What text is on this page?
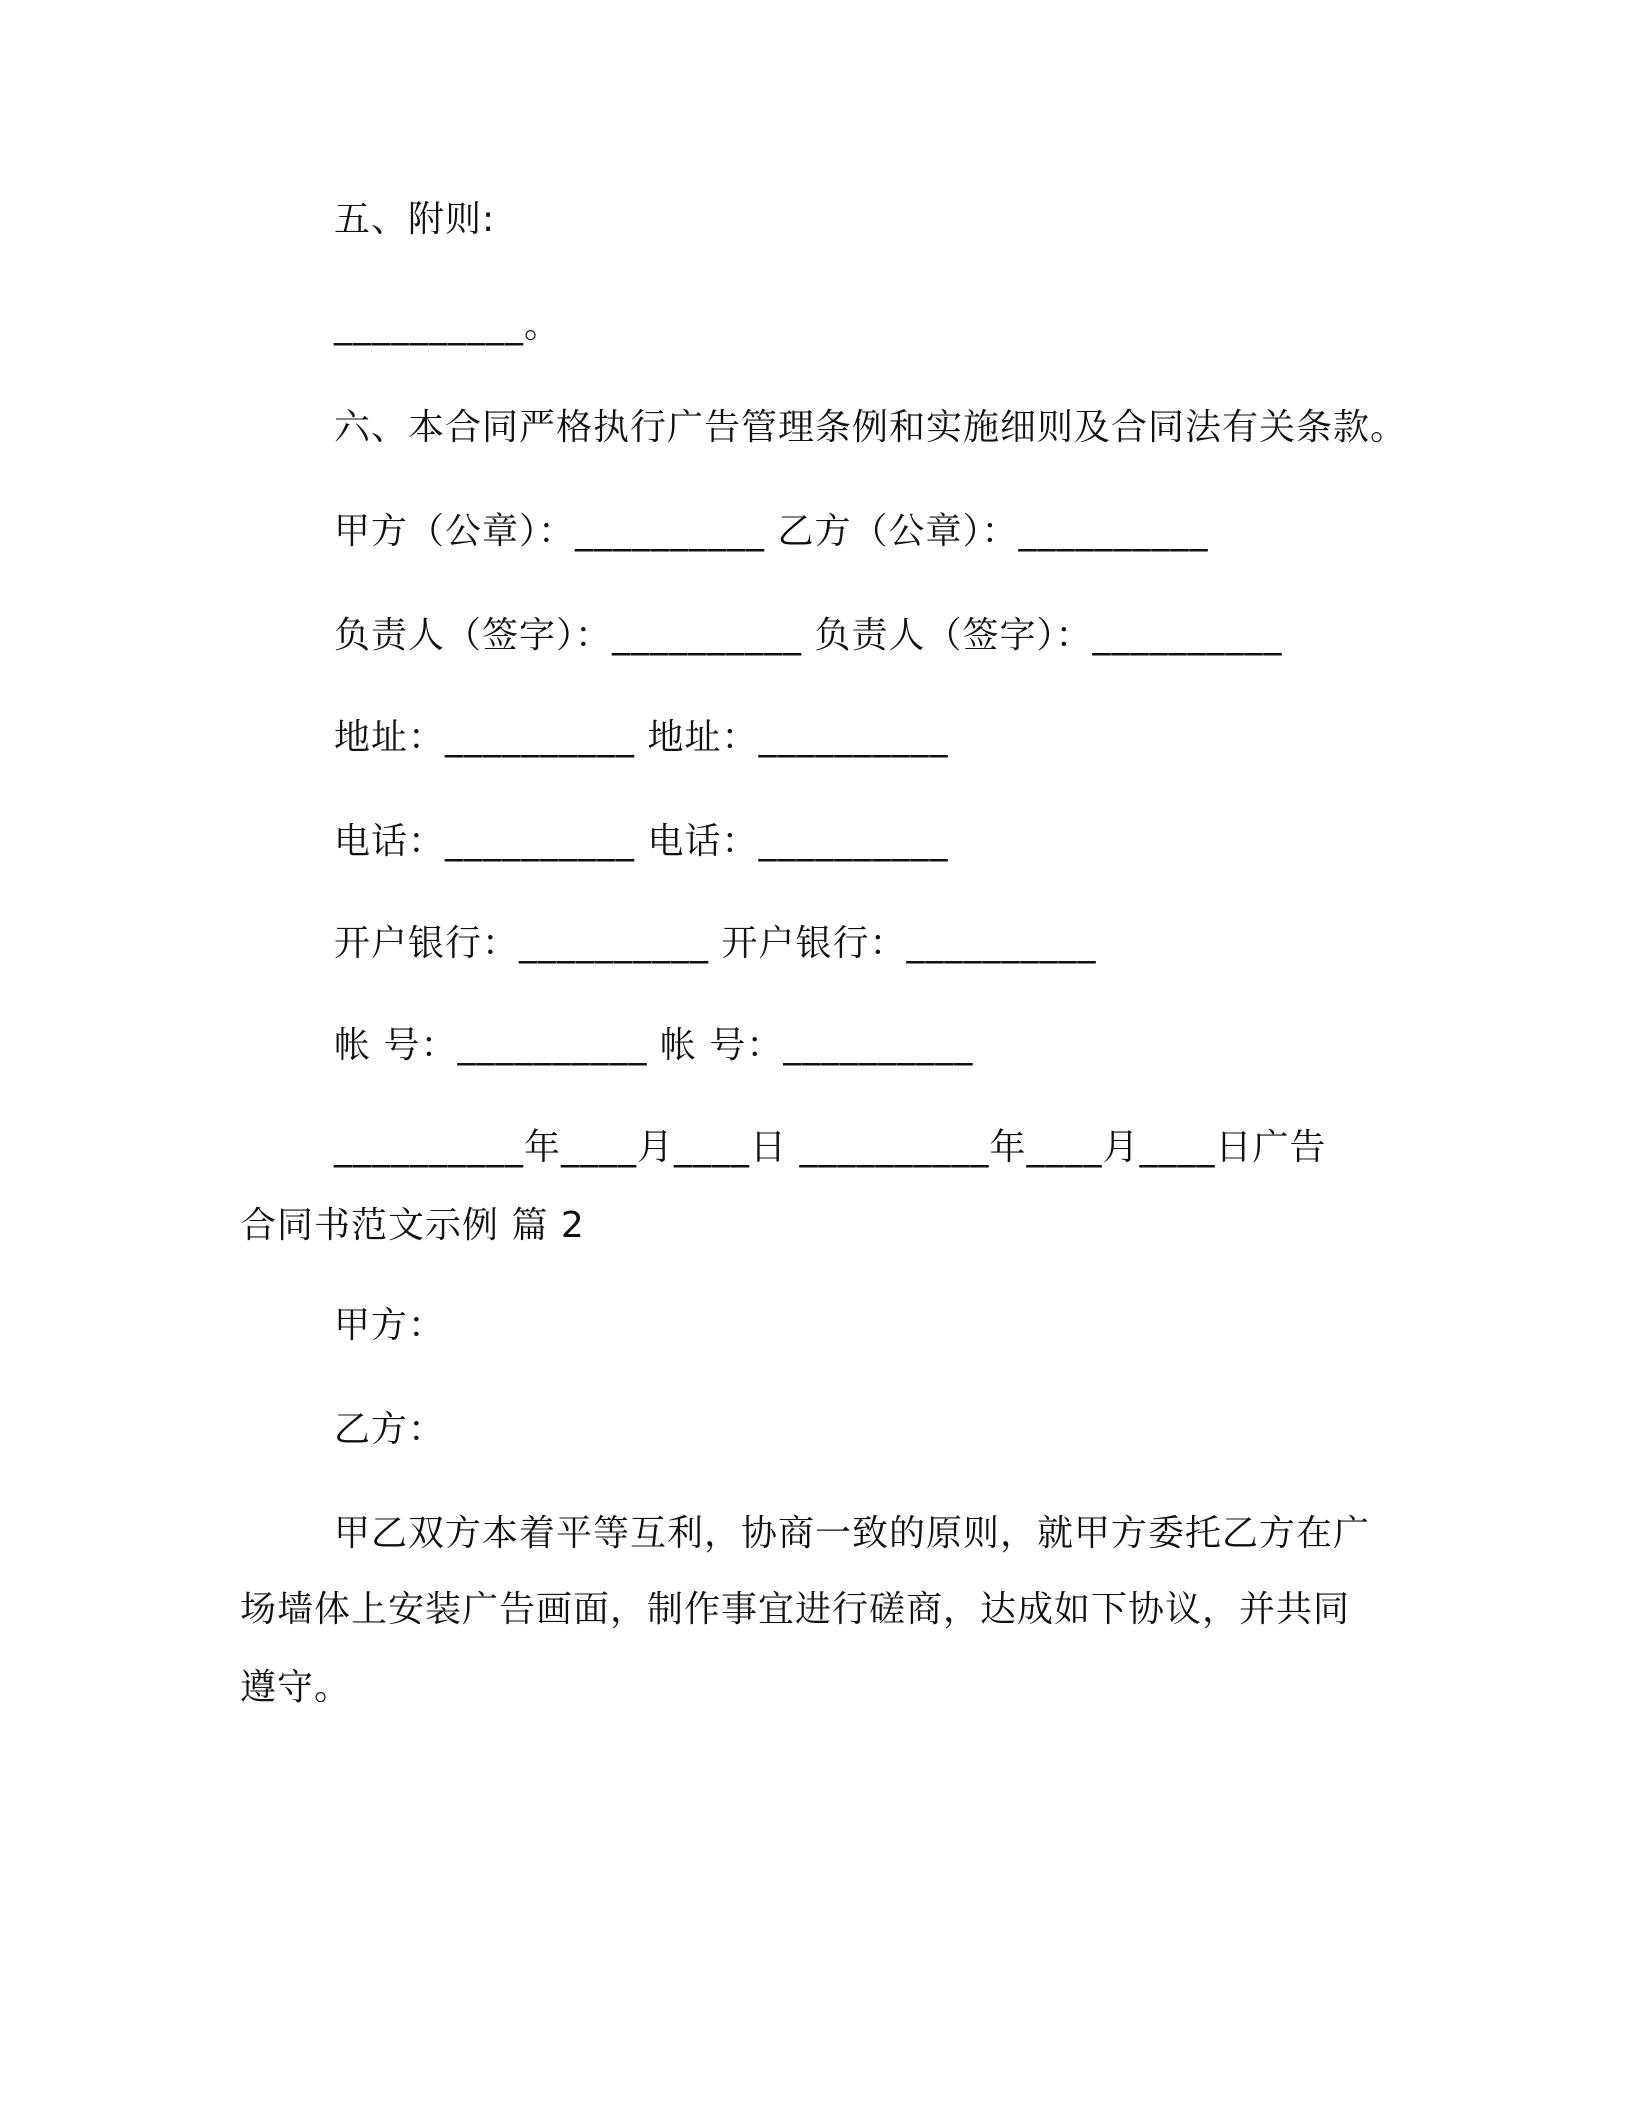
五、附则:
__________。
六、本合同严格执行广告管理条例和实施细则及合同法有关条款。
甲方（公章）：__________ 乙方（公章）：__________
负责人（签字）：__________ 负责人（签字）：__________
地址：__________ 地址：__________
电话：__________ 电话：__________
开户银行：__________ 开户银行：__________
帐 号：__________ 帐 号：__________
__________年____月____日 __________年____月____日广告
合同书范文示例 篇 2
甲方：
乙方：
甲乙双方本着平等互利，协商一致的原则，就甲方委托乙方在广
场墙体上安装广告画面，制作事宜进行磋商，达成如下协议，并共同
遵守。
